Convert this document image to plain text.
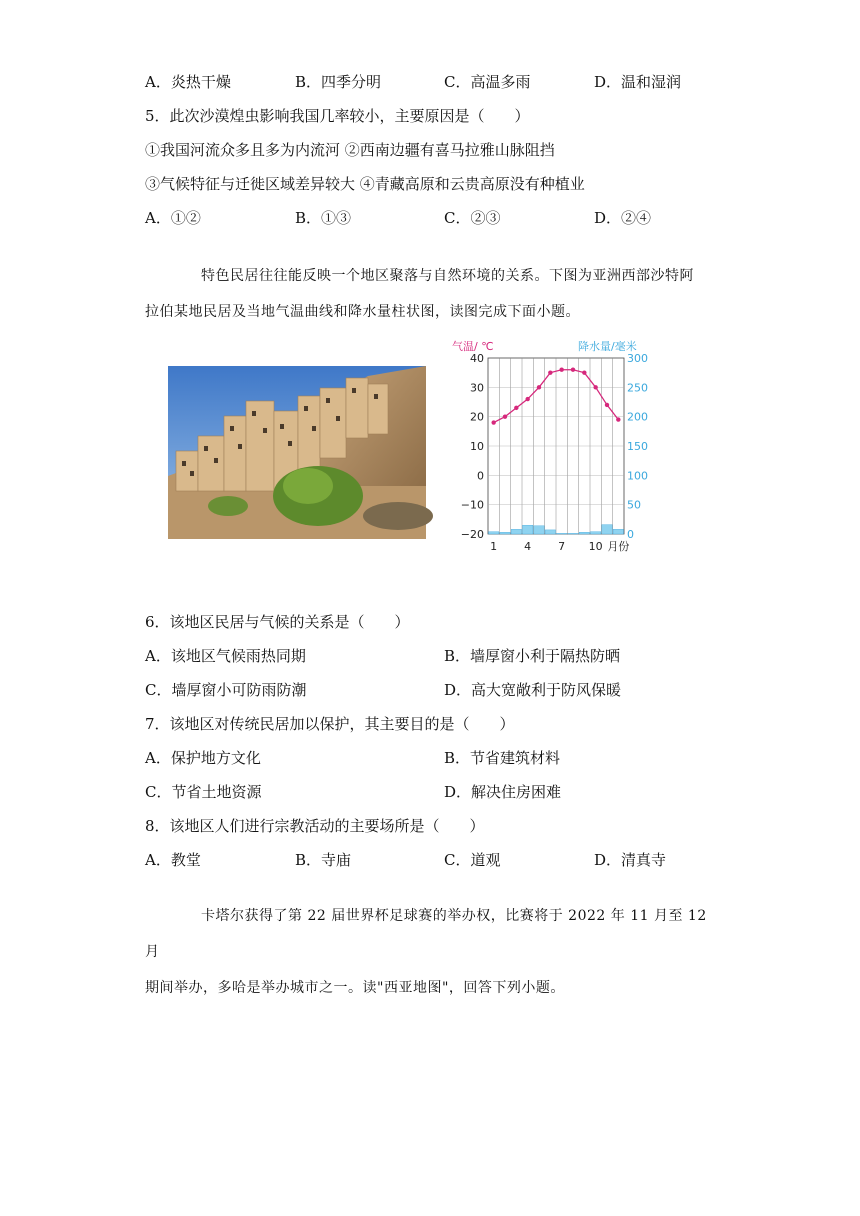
A．炎热干燥	B．四季分明	C．高温多雨	D．温和湿润
5．此次沙漠煌虫影响我国几率较小，主要原因是（　　）
①我国河流众多且多为内流河 ②西南边疆有喜马拉雅山脉阻挡
③气候特征与迁徙区域差异较大 ④青藏高原和云贵高原没有种植业
A．①②	B．①③	C．②③	D．②④
特色民居往往能反映一个地区聚落与自然环境的关系。下图为亚洲西部沙特阿
拉伯某地民居及当地气温曲线和降水量柱状图，读图完成下面小题。
气温/ ℃	降水量/毫米
40
30
20
10
0
−10
−20
300
250
200
150
100
50
0
1 4 7 10 月份
6．该地区民居与气候的关系是（　　）
A．该地区气候雨热同期	B．墙厚窗小利于隔热防晒
C．墙厚窗小可防雨防潮	D．高大宽敞利于防风保暖
7．该地区对传统民居加以保护，其主要目的是（　　）
A．保护地方文化	B．节省建筑材料
C．节省土地资源	D．解决住房困难
8．该地区人们进行宗教活动的主要场所是（　　）
A．教堂	B．寺庙	C．道观	D．清真寺
卡塔尔获得了第 22 届世界杯足球赛的举办权，比赛将于 2022 年 11 月至 12 月
期间举办，多哈是举办城市之一。读"西亚地图"，回答下列小题。
